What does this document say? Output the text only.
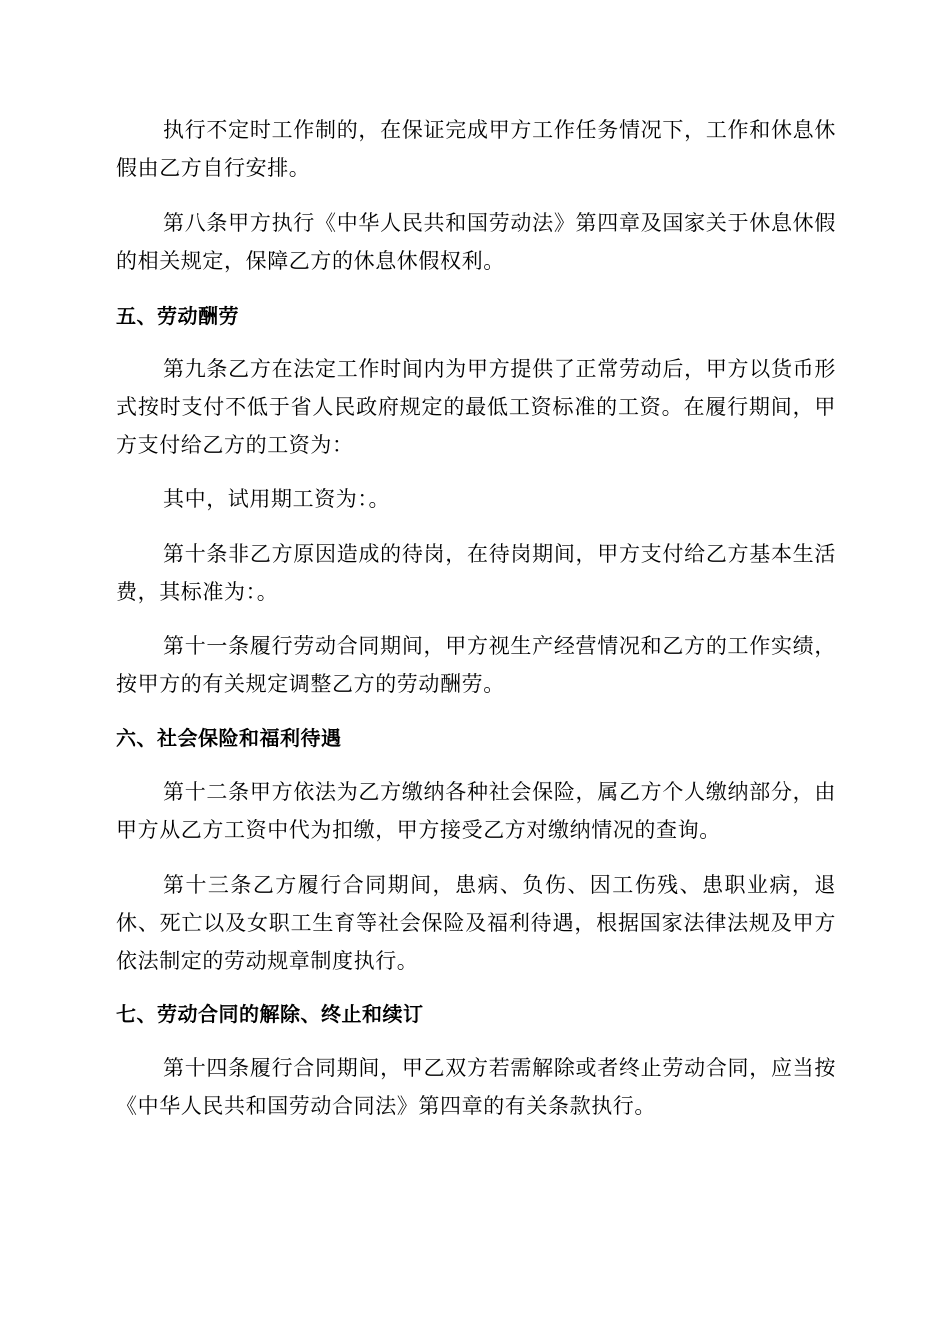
执行不定时工作制的，在保证完成甲方工作任务情况下，工作和休息休假由乙方自行安排。

第八条甲方执行《中华人民共和国劳动法》第四章及国家关于休息休假的相关规定，保障乙方的休息休假权利。

五、劳动酬劳

第九条乙方在法定工作时间内为甲方提供了正常劳动后，甲方以货币形式按时支付不低于省人民政府规定的最低工资标准的工资。在履行期间，甲方支付给乙方的工资为：

其中，试用期工资为：。

第十条非乙方原因造成的待岗，在待岗期间，甲方支付给乙方基本生活费，其标准为：。

第十一条履行劳动合同期间，甲方视生产经营情况和乙方的工作实绩，按甲方的有关规定调整乙方的劳动酬劳。

六、社会保险和福利待遇

第十二条甲方依法为乙方缴纳各种社会保险，属乙方个人缴纳部分，由甲方从乙方工资中代为扣缴，甲方接受乙方对缴纳情况的查询。

第十三条乙方履行合同期间，患病、负伤、因工伤残、患职业病，退休、死亡以及女职工生育等社会保险及福利待遇，根据国家法律法规及甲方依法制定的劳动规章制度执行。

七、劳动合同的解除、终止和续订

第十四条履行合同期间，甲乙双方若需解除或者终止劳动合同，应当按《中华人民共和国劳动合同法》第四章的有关条款执行。
